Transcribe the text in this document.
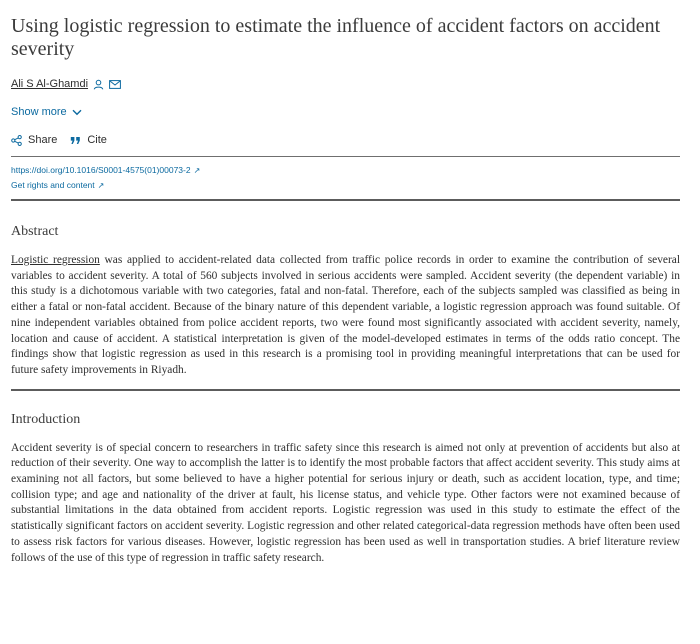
Using logistic regression to estimate the influence of accident factors on accident severity
Ali S Al-Ghamdi
Show more
Share	Cite
https://doi.org/10.1016/S0001-4575(01)00073-2 ↗
Get rights and content ↗
Abstract

Logistic regression was applied to accident-related data collected from traffic police records in order to examine the contribution of several variables to accident severity. A total of 560 subjects involved in serious accidents were sampled. Accident severity (the dependent variable) in this study is a dichotomous variable with two categories, fatal and non-fatal. Therefore, each of the subjects sampled was classified as being in either a fatal or non-fatal accident. Because of the binary nature of this dependent variable, a logistic regression approach was found suitable. Of nine independent variables obtained from police accident reports, two were found most significantly associated with accident severity, namely, location and cause of accident. A statistical interpretation is given of the model-developed estimates in terms of the odds ratio concept. The findings show that logistic regression as used in this research is a promising tool in providing meaningful interpretations that can be used for future safety improvements in Riyadh.

Introduction

Accident severity is of special concern to researchers in traffic safety since this research is aimed not only at prevention of accidents but also at reduction of their severity. One way to accomplish the latter is to identify the most probable factors that affect accident severity. This study aims at examining not all factors, but some believed to have a higher potential for serious injury or death, such as accident location, type, and time; collision type; and age and nationality of the driver at fault, his license status, and vehicle type. Other factors were not examined because of substantial limitations in the data obtained from accident reports. Logistic regression was used in this study to estimate the effect of the statistically significant factors on accident severity. Logistic regression and other related categorical-data regression methods have often been used to assess risk factors for various diseases. However, logistic regression has been used as well in transportation studies. A brief literature review follows of the use of this type of regression in traffic safety research.
